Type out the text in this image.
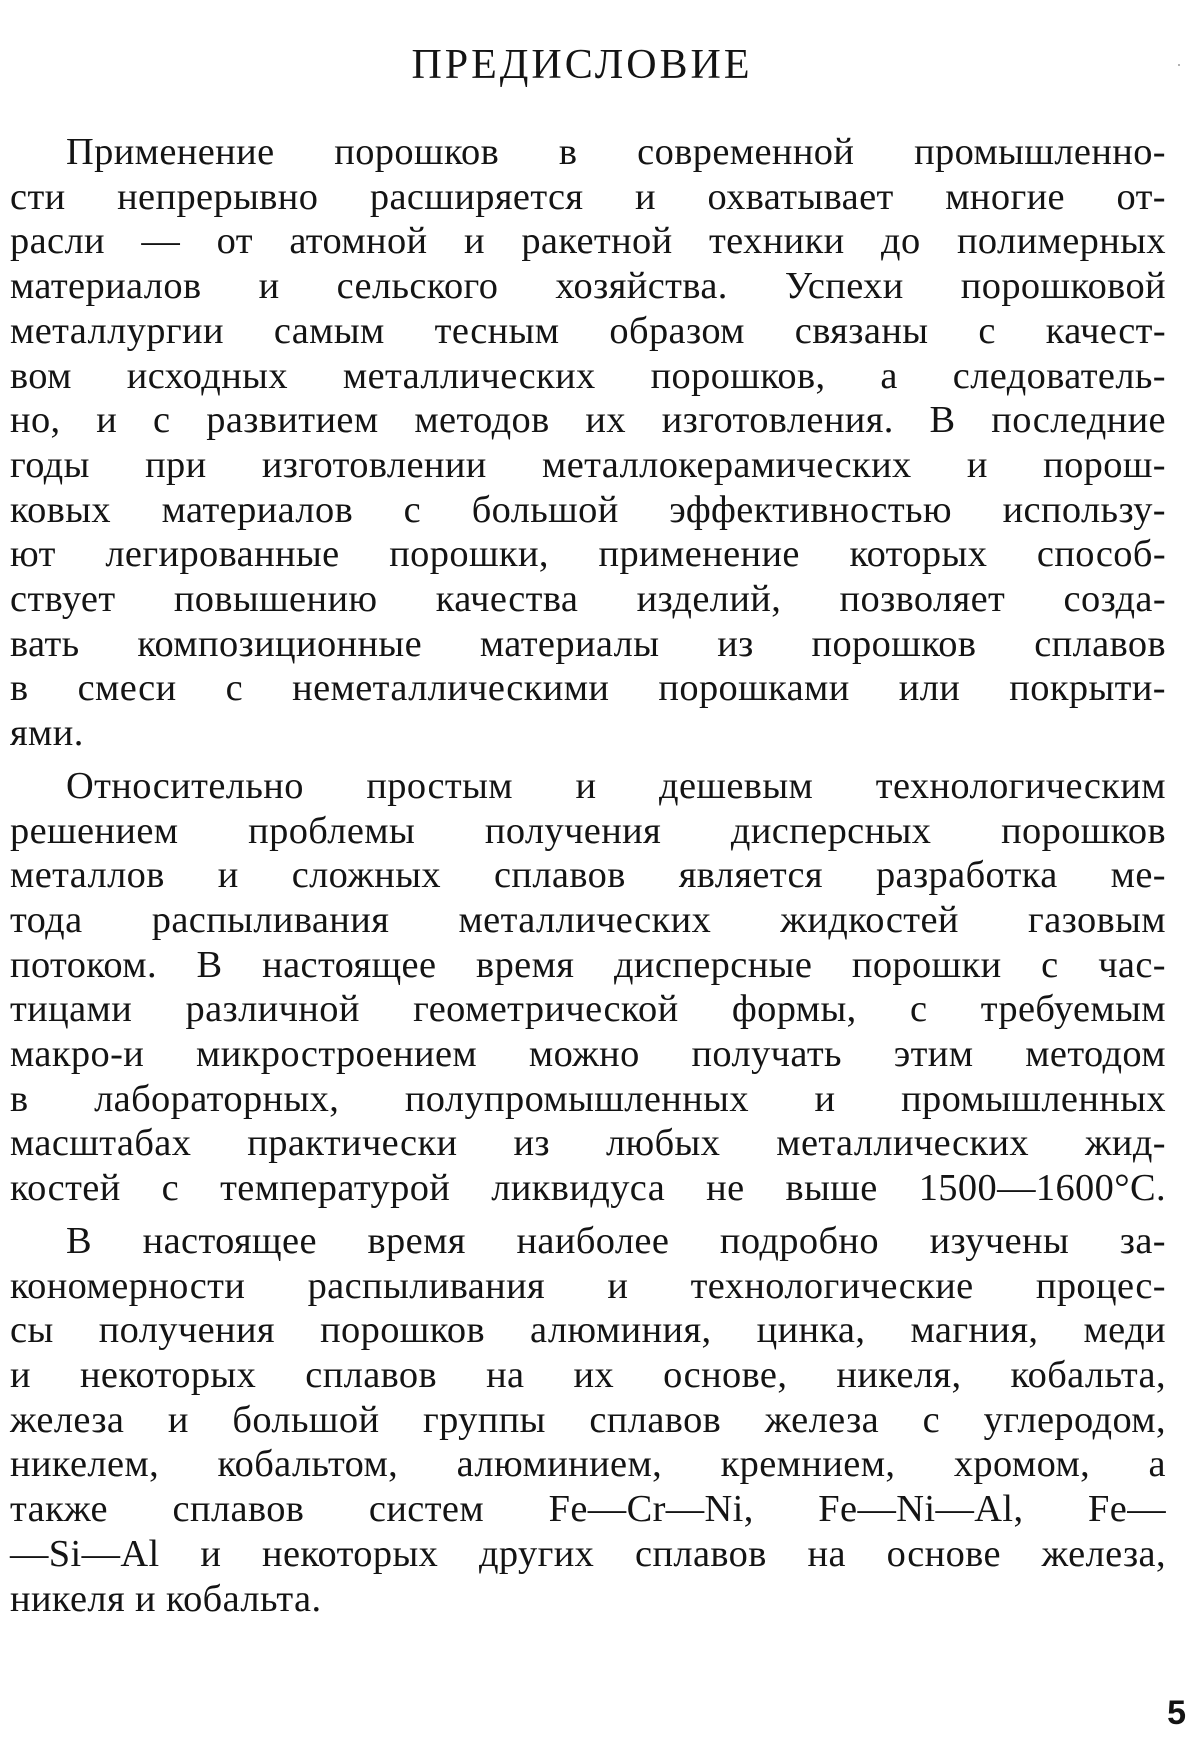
ПРЕДИСЛОВИЕ

Применение порошков в современной промышленно-
сти непрерывно расширяется и охватывает многие от-
расли — от атомной и ракетной техники до полимерных
материалов и сельского хозяйства. Успехи порошковой
металлургии самым тесным образом связаны с качест-
вом исходных металлических порошков, а следователь-
но, и с развитием методов их изготовления. В последние
годы при изготовлении металлокерамических и порош-
ковых материалов с большой эффективностью использу-
ют легированные порошки, применение которых способ-
ствует повышению качества изделий, позволяет созда-
вать композиционные материалы из порошков сплавов
в смеси с неметаллическими порошками или покрыти-
ями.

Относительно простым и дешевым технологическим
решением проблемы получения дисперсных порошков
металлов и сложных сплавов является разработка ме-
тода распыливания металлических жидкостей газовым
потоком. В настоящее время дисперсные порошки с час-
тицами различной геометрической формы, с требуемым
макро-и микростроением можно получать этим методом
в лабораторных, полупромышленных и промышленных
масштабах практически из любых металлических жид-
костей с температурой ликвидуса не выше 1500—1600°C.

В настоящее время наиболее подробно изучены за-
кономерности распыливания и технологические процес-
сы получения порошков алюминия, цинка, магния, меди
и некоторых сплавов на их основе, никеля, кобальта,
железа и большой группы сплавов железа с углеродом,
никелем, кобальтом, алюминием, кремнием, хромом, а
также сплавов систем Fe—Cr—Ni, Fe—Ni—Al, Fe—
—Si—Al и некоторых других сплавов на основе железа,
никеля и кобальта.

5
